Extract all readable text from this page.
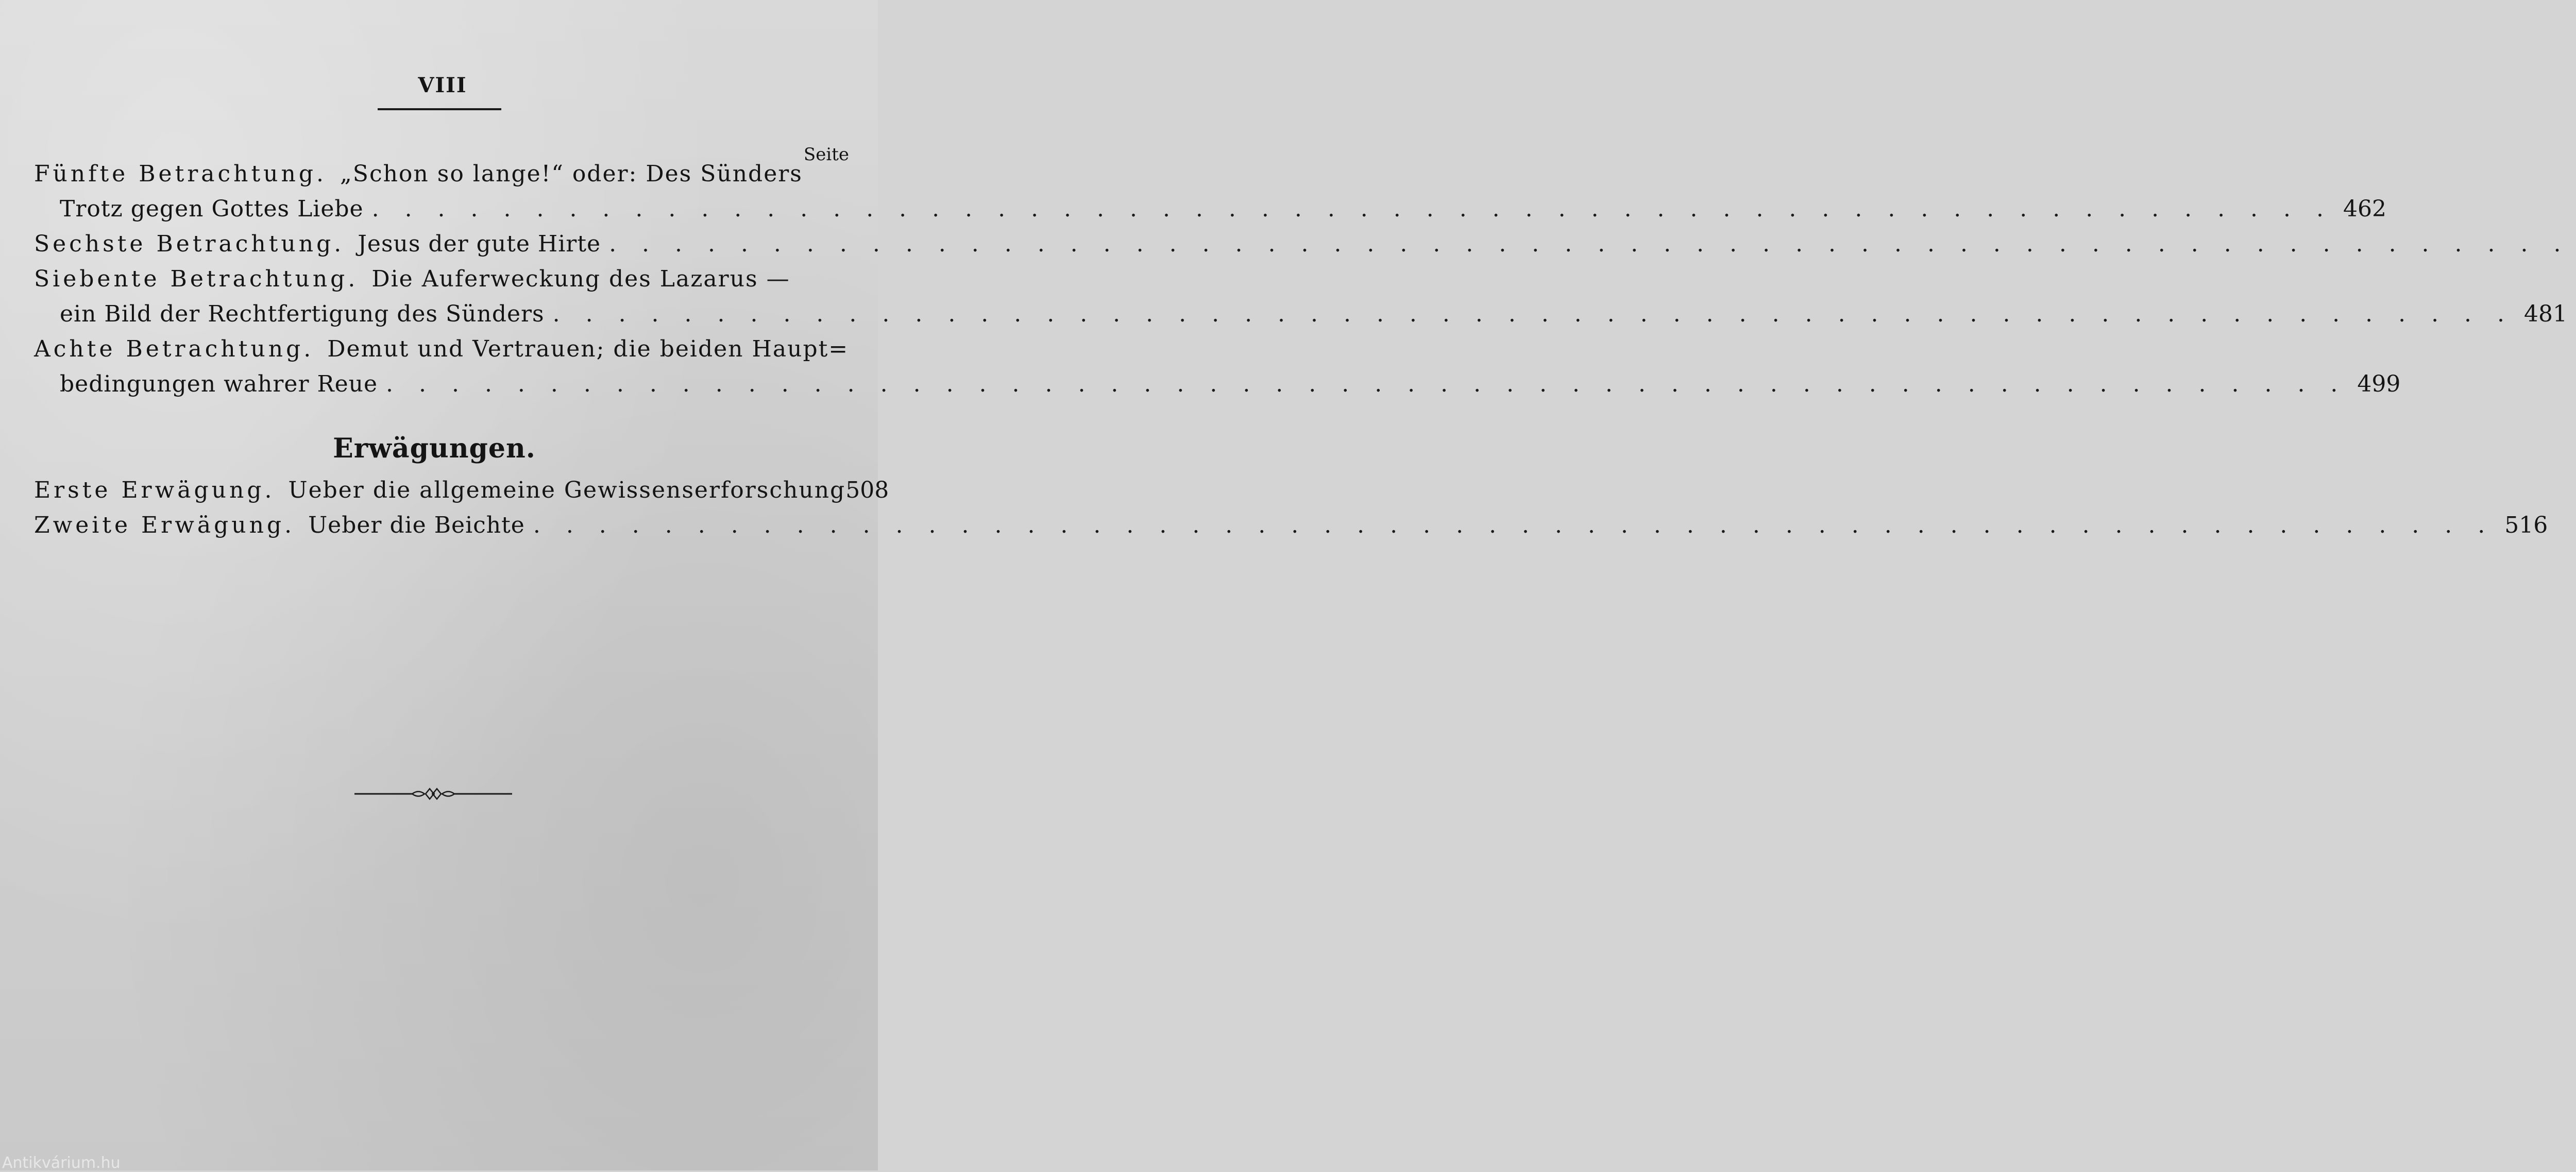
VIII
Seite
Fünfte Betrachtung. „Schon so lange!“ oder: Des Sünders
Trotz gegen Gottes Liebe . . . . . . . . . . . . . . . . . . . . . . . . . . . . . . . . . . . . . . . . . . . . . . . . . . . . . . . . . . . . 462
Sechste Betrachtung. Jesus der gute Hirte . . . . . . . . . . . . . . . . . . . . . . . . . . . . . . . . . . . . . . . . . . . . . . . . . . . . . . . . . . . .
Siebente Betrachtung. Die Auferweckung des Lazarus —
ein Bild der Rechtfertigung des Sünders . . . . . . . . . . . . . . . . . . . . . . . . . . . . . . . . . . . . . . . . . . . . . . . . . . . . . . . . . . . . 481
Achte Betrachtung. Demut und Vertrauen; die beiden Haupt=
bedingungen wahrer Reue . . . . . . . . . . . . . . . . . . . . . . . . . . . . . . . . . . . . . . . . . . . . . . . . . . . . . . . . . . . . 499
Erwägungen.
Erste Erwägung. Ueber die allgemeine Gewissenserforschung 508
Zweite Erwägung. Ueber die Beichte . . . . . . . . . . . . . . . . . . . . . . . . . . . . . . . . . . . . . . . . . . . . . . . . . . . . . . . . . . . . 516
Antikvárium.hu
